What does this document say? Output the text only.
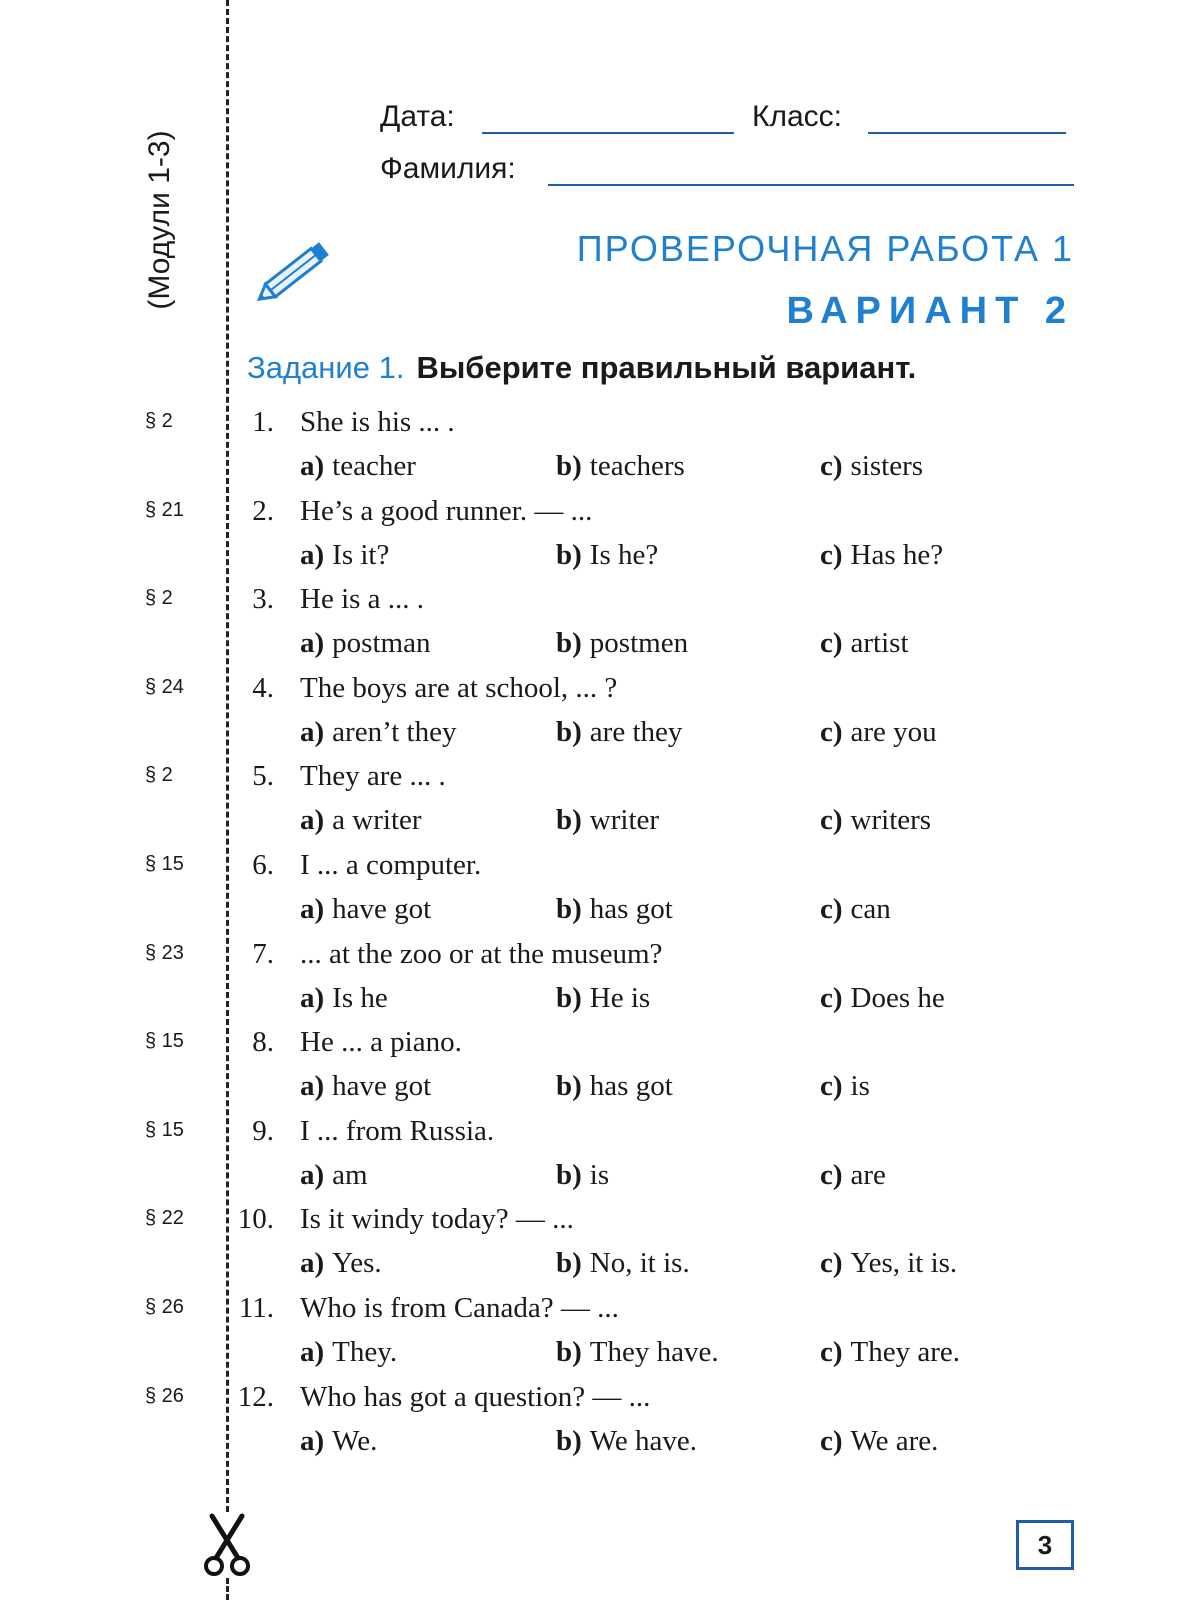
(Модули 1-3)
Дата:	Класс:
Фамилия:
ПРОВЕРОЧНАЯ РАБОТА 1
ВАРИАНТ 2
Задание 1. Выберите правильный вариант.
§ 2	1. She is his ... .
a) teacher	b) teachers	c) sisters
§ 21	2. He’s a good runner. — ...
a) Is it?	b) Is he?	c) Has he?
§ 2	3. He is a ... .
a) postman	b) postmen	c) artist
§ 24	4. The boys are at school, ... ?
a) aren’t they	b) are they	c) are you
§ 2	5. They are ... .
a) a writer	b) writer	c) writers
§ 15	6. I ... a computer.
a) have got	b) has got	c) can
§ 23	7. ... at the zoo or at the museum?
a) Is he	b) He is	c) Does he
§ 15	8. He ... a piano.
a) have got	b) has got	c) is
§ 15	9. I ... from Russia.
a) am	b) is	c) are
§ 22 10. Is it windy today? — ...
a) Yes.	b) No, it is.	c) Yes, it is.
§ 26	11. Who is from Canada? — ...
a) They.	b) They have.	c) They are.
§ 26 12. Who has got a question? — ...
a) We.	b) We have.	c) We are.
3
